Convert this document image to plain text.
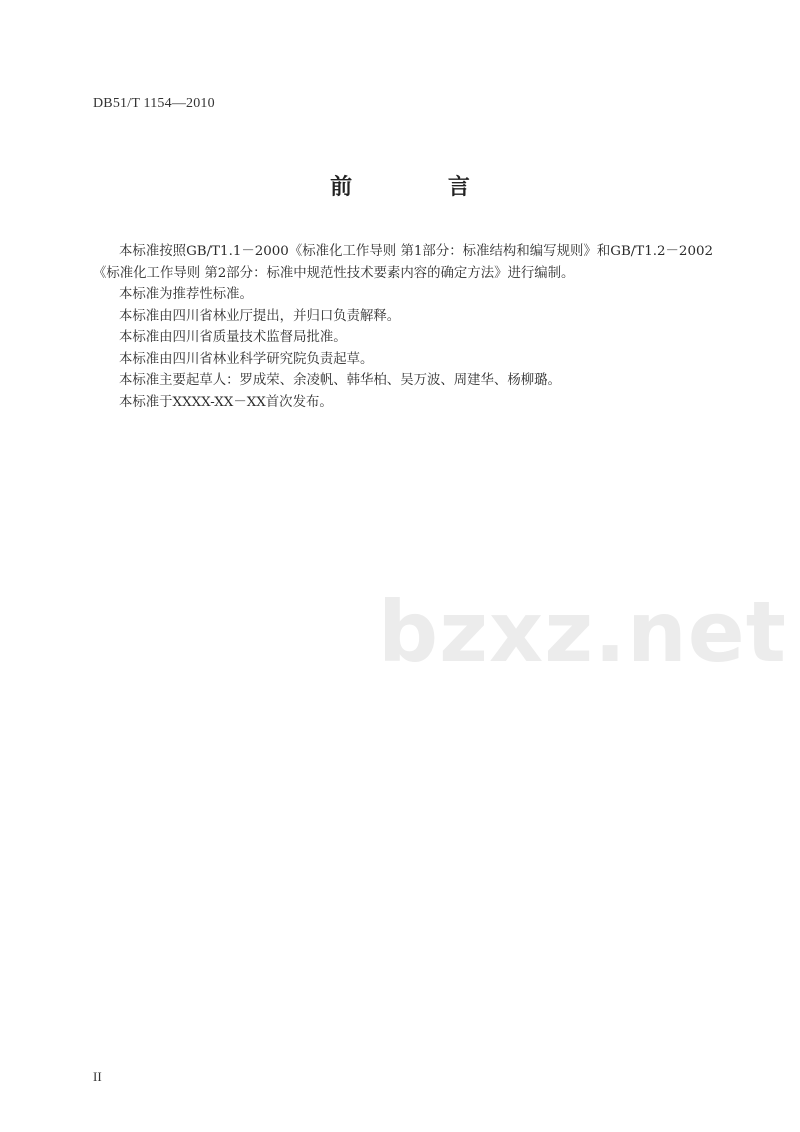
DB51/T 1154—2010
前 言

本标准按照GB/T1.1－2000《标准化工作导则 第1部分：标准结构和编写规则》和GB/T1.2－2002《标准化工作导则 第2部分：标准中规范性技术要素内容的确定方法》进行编制。

本标准为推荐性标准。

本标准由四川省林业厅提出，并归口负责解释。

本标准由四川省质量技术监督局批准。

本标准由四川省林业科学研究院负责起草。

本标准主要起草人：罗成荣、余凌帆、韩华柏、吴万波、周建华、杨柳璐。

本标准于XXXX-XX－XX首次发布。

bzxz.net
II
